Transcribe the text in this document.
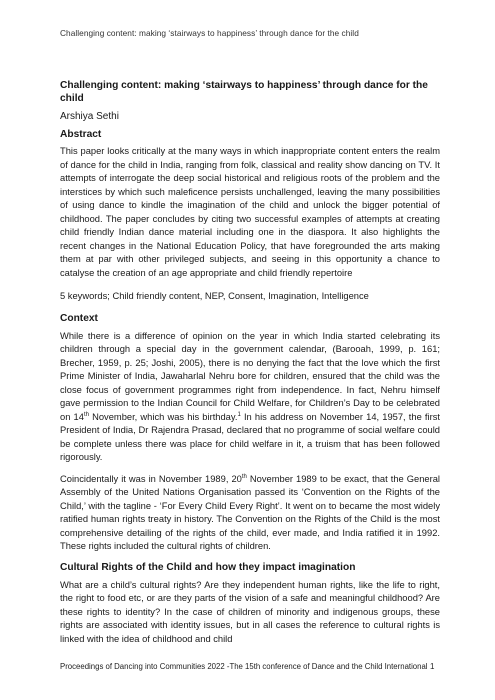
Challenging content: making ‘stairways to happiness’ through dance for the child

Challenging content: making ‘stairways to happiness’ through dance for the child

Arshiya Sethi

Abstract

This paper looks critically at the many ways in which inappropriate content enters the realm of dance for the child in India, ranging from folk, classical and reality show dancing on TV. It attempts of interrogate the deep social historical and religious roots of the problem and the interstices by which such maleficence persists unchallenged, leaving the many possibilities of using dance to kindle the imagination of the child and unlock the bigger potential of childhood. The paper concludes by citing two successful examples of attempts at creating child friendly Indian dance material including one in the diaspora. It also highlights the recent changes in the National Education Policy, that have foregrounded the arts making them at par with other privileged subjects, and seeing in this opportunity a chance to catalyse the creation of an age appropriate and child friendly repertoire

5 keywords; Child friendly content, NEP, Consent, Imagination, Intelligence

Context

While there is a difference of opinion on the year in which India started celebrating its children through a special day in the government calendar, (Barooah, 1999, p. 161; Brecher, 1959, p. 25; Joshi, 2005), there is no denying the fact that the love which the first Prime Minister of India, Jawaharlal Nehru bore for children, ensured that the child was the close focus of government programmes right from independence. In fact, Nehru himself gave permission to the Indian Council for Child Welfare, for Children’s Day to be celebrated on 14th November, which was his birthday.$^1$ In his address on November 14, 1957, the first President of India, Dr Rajendra Prasad, declared that no programme of social welfare could be complete unless there was place for child welfare in it, a truism that has been followed rigorously.

Coincidentally it was in November 1989, 20th November 1989 to be exact, that the General Assembly of the United Nations Organisation passed its ‘Convention on the Rights of the Child,’ with the tagline - ‘For Every Child Every Right’. It went on to became the most widely ratified human rights treaty in history. The Convention on the Rights of the Child is the most comprehensive detailing of the rights of the child, ever made, and India ratified it in 1992. These rights included the cultural rights of children.

Cultural Rights of the Child and how they impact imagination

What are a child’s cultural rights? Are they independent human rights, like the life to right, the right to food etc, or are they parts of the vision of a safe and meaningful childhood? Are these rights to identity? In the case of children of minority and indigenous groups, these rights are associated with identity issues, but in all cases the reference to cultural rights is linked with the idea of childhood and child

Proceedings of Dancing into Communities 2022 -The 15th conference of Dance and the Child International 1
